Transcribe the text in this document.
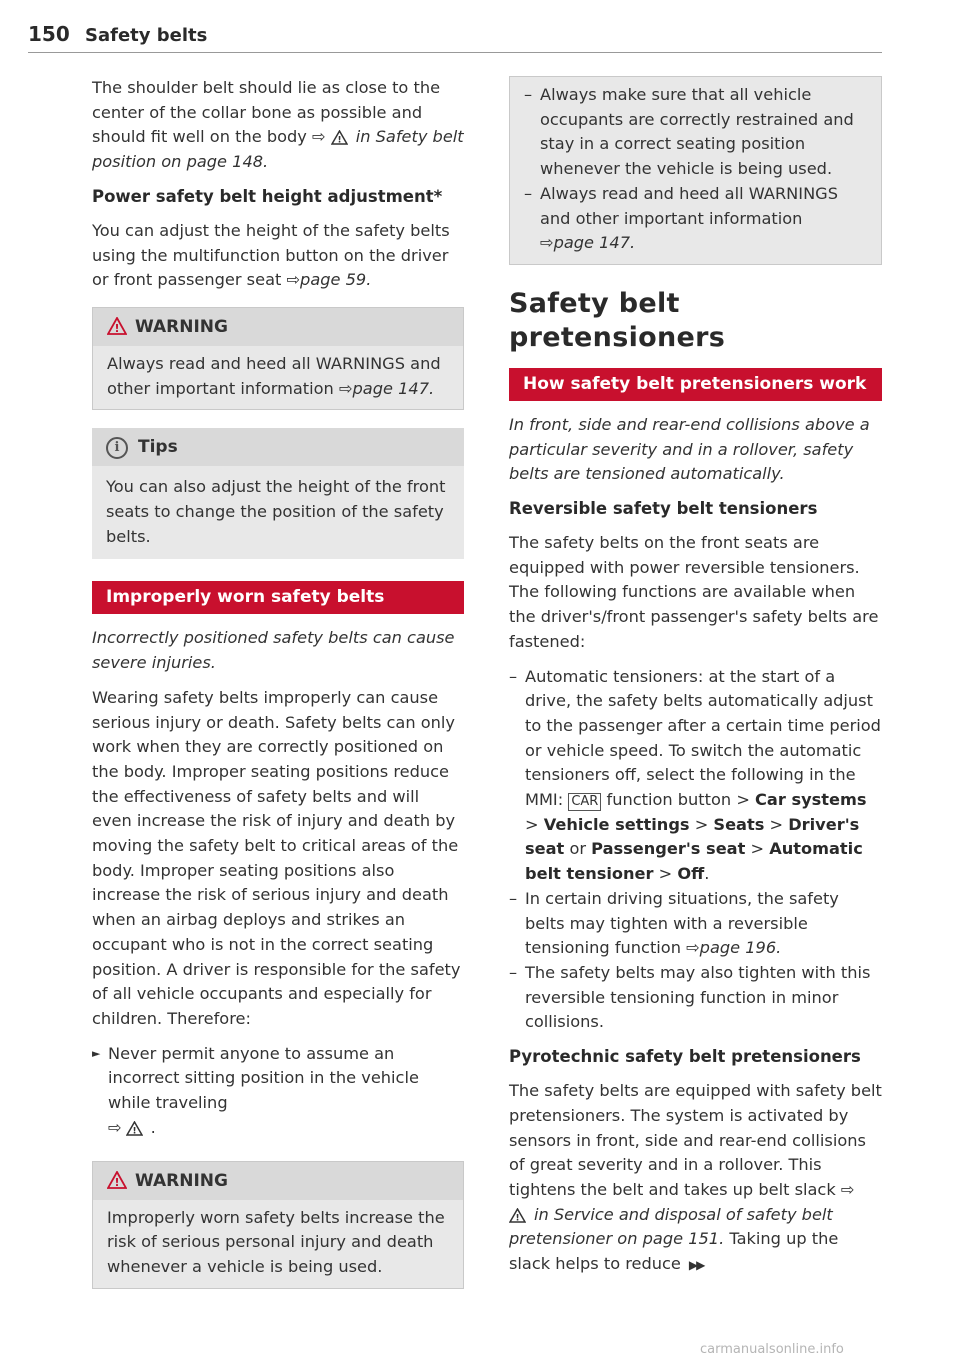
150 Safety belts

The shoulder belt should lie as close to the center of the collar bone as possible and should fit well on the body ⇨ ! in Safety belt position on page 148.

Power safety belt height adjustment*

You can adjust the height of the safety belts using the multifunction button on the driver or front passenger seat ⇨page 59.

! WARNING
Always read and heed all WARNINGS and other important information ⇨page 147.
i Tips
You can also adjust the height of the front seats to change the position of the safety belts.
Improperly worn safety belts

Incorrectly positioned safety belts can cause severe injuries.

Wearing safety belts improperly can cause serious injury or death. Safety belts can only work when they are correctly positioned on the body. Improper seating positions reduce the effectiveness of safety belts and will even increase the risk of injury and death by moving the safety belt to critical areas of the body. Improper seating positions also increase the risk of serious injury and death when an airbag deploys and strikes an occupant who is not in the correct seating position. A driver is responsible for the safety of all vehicle occupants and especially for children. Therefore:

► Never permit anyone to assume an incorrect sitting position in the vehicle while traveling
⇨ ! .
! WARNING
Improperly worn safety belts increase the risk of serious personal injury and death whenever a vehicle is being used.
– Always make sure that all vehicle occupants are correctly restrained and stay in a correct seating position whenever the vehicle is being used.
– Always read and heed all WARNINGS and other important information
⇨page 147.
Safety belt pretensioners
How safety belt pretensioners work

In front, side and rear-end collisions above a particular severity and in a rollover, safety belts are tensioned automatically.

Reversible safety belt tensioners

The safety belts on the front seats are equipped with power reversible tensioners. The following functions are available when the driver's/front passenger's safety belts are fastened:

– Automatic tensioners: at the start of a drive, the safety belts automatically adjust to the passenger after a certain time period or vehicle speed. To switch the automatic tensioners off, select the following in the MMI: CAR function button > Car systems > Vehicle settings > Seats > Driver's seat or Passenger's seat > Automatic belt tensioner > Off.
– In certain driving situations, the safety belts may tighten with a reversible tensioning function ⇨page 196.
– The safety belts may also tighten with this reversible tensioning function in minor collisions.
Pyrotechnic safety belt pretensioners

The safety belts are equipped with safety belt pretensioners. The system is activated by sensors in front, side and rear-end collisions of great severity and in a rollover. This tightens the belt and takes up belt slack ⇨
! in Service and disposal of safety belt pretensioner on page 151. Taking up the slack helps to reduce ▶▶

carmanualsonline.info
